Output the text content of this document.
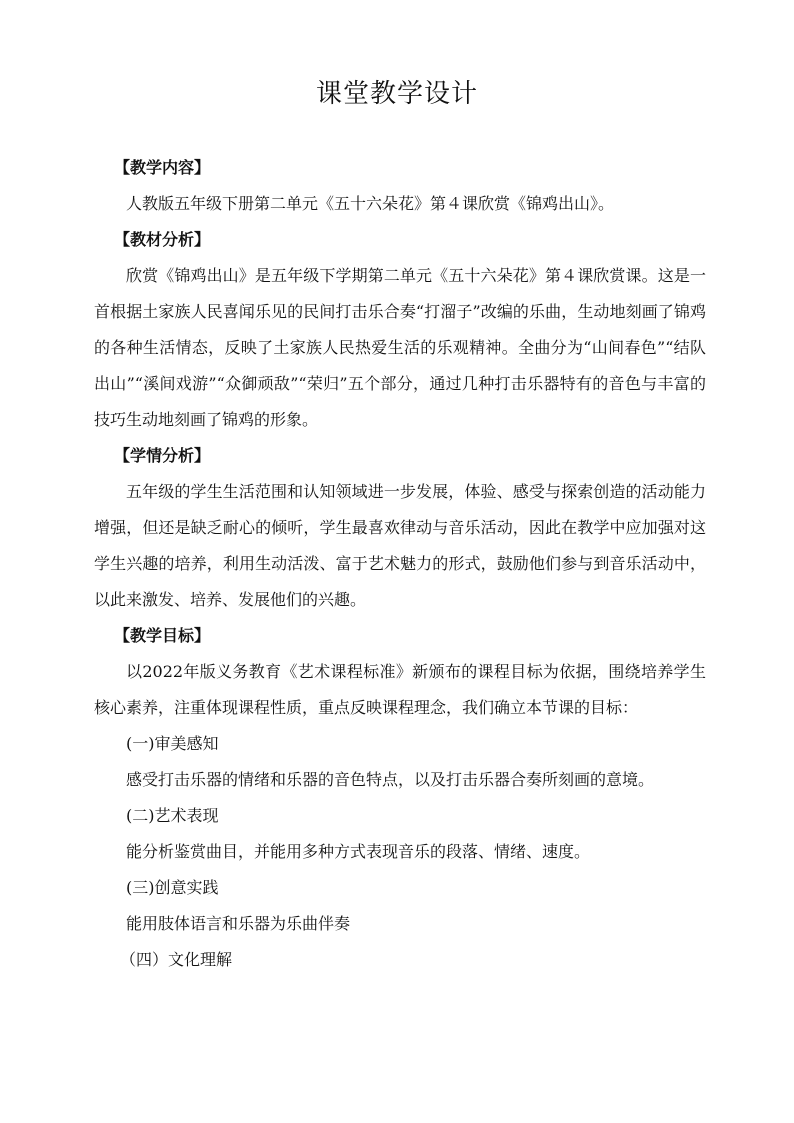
课堂教学设计

【教学内容】

人教版五年级下册第二单元《五十六朵花》第４课欣赏《锦鸡出山》。

【教材分析】

欣赏《锦鸡出山》是五年级下学期第二单元《五十六朵花》第４课欣赏课。这是一首根据土家族人民喜闻乐见的民间打击乐合奏“打溜子”改编的乐曲，生动地刻画了锦鸡的各种生活情态，反映了土家族人民热爱生活的乐观精神。全曲分为“山间春色”“结队出山”“溪间戏游”“众御顽敌”“荣归”五个部分，通过几种打击乐器特有的音色与丰富的技巧生动地刻画了锦鸡的形象。

【学情分析】

五年级的学生生活范围和认知领域进一步发展，体验、感受与探索创造的活动能力增强，但还是缺乏耐心的倾听，学生最喜欢律动与音乐活动，因此在教学中应加强对这学生兴趣的培养，利用生动活泼、富于艺术魅力的形式，鼓励他们参与到音乐活动中，以此来激发、培养、发展他们的兴趣。

【教学目标】

以2022年版义务教育《艺术课程标准》新颁布的课程目标为依据，围绕培养学生核心素养，注重体现课程性质，重点反映课程理念，我们确立本节课的目标：

(一)审美感知

感受打击乐器的情绪和乐器的音色特点，以及打击乐器合奏所刻画的意境。

(二)艺术表现

能分析鉴赏曲目，并能用多种方式表现音乐的段落、情绪、速度。

(三)创意实践

能用肢体语言和乐器为乐曲伴奏

（四）文化理解
